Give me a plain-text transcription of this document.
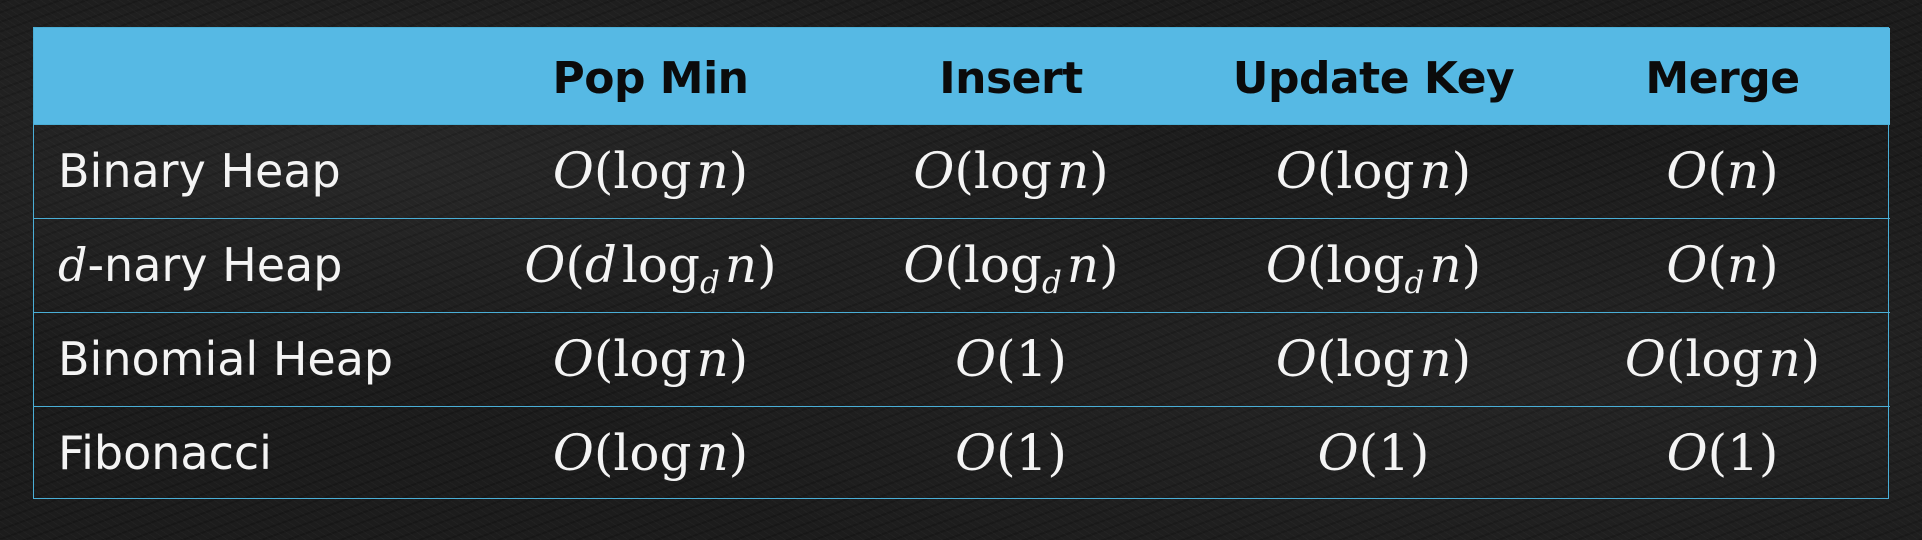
	Pop Min	Insert	Update Key	Merge
Binary Heap	O(log n)	O(log n)	O(log n)	O(n)
d-nary Heap	O(d $\log_d$ n)	$O(\log_d$ n)	$O(\log_d$ n)	O(n)
Binomial Heap	O(log n)	O(1)	O(log n)	O(log n)
Fibonacci	O(log n)	O(1)	O(1)	O(1)
